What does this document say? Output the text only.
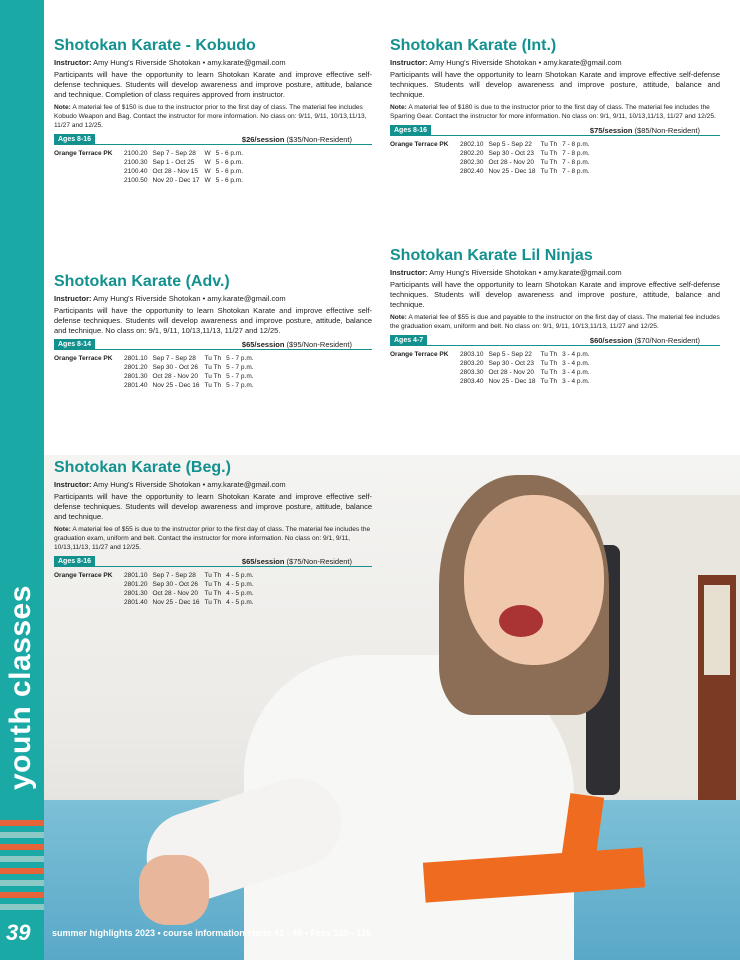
youth classes
39
Shotokan Karate - Kobudo
Instructor: Amy Hung's Riverside Shotokan • amy.karate@gmail.com
Participants will have the opportunity to learn Shotokan Karate and improve effective self-defense techniques. Students will develop awareness and improve posture, attitude, balance and technique. Completion of class requires approved from instructor.
Note: A material fee of $150 is due to the instructor prior to the first day of class. The material fee includes Kobudo Weapon and Bag. Contact the instructor for more information. No class on: 9/11, 9/11, 10/13,11/13, 11/27 and 12/25.
Ages 8-16	$26/session ($35/Non-Resident)
Orange Terrace PK	2100.20	Sep 7 - Sep 28	W	5 - 6 p.m.
	2100.30	Sep 1 - Oct 25	W	5 - 6 p.m.
	2100.40	Oct 28 - Nov 15	W	5 - 6 p.m.
	2100.50	Nov 20 - Dec 17	W	5 - 6 p.m.
Shotokan Karate (Adv.)
Instructor: Amy Hung's Riverside Shotokan • amy.karate@gmail.com
Participants will have the opportunity to learn Shotokan Karate and improve effective self-defense techniques. Students will develop awareness and improve posture, attitude, balance and technique. No class on: 9/1, 9/11, 10/13,11/13, 11/27 and 12/25.
Ages 8-14	$65/session ($95/Non-Resident)
Orange Terrace PK	2801.10	Sep 7 - Sep 28	Tu Th	5 - 7 p.m.
	2801.20	Sep 30 - Oct 26	Tu Th	5 - 7 p.m.
	2801.30	Oct 28 - Nov 20	Tu Th	5 - 7 p.m.
	2801.40	Nov 25 - Dec 16	Tu Th	5 - 7 p.m.
Shotokan Karate (Beg.)
Instructor: Amy Hung's Riverside Shotokan • amy.karate@gmail.com
Participants will have the opportunity to learn Shotokan Karate and improve effective self-defense techniques. Students will develop awareness and improve posture, attitude, balance and technique.
Note: A material fee of $55 is due to the instructor prior to the first day of class. The material fee includes the graduation exam, uniform and belt. Contact the instructor for more information. No class on: 9/1, 9/11, 10/13,11/13, 11/27 and 12/25.
Ages 8-16	$65/session ($75/Non-Resident)
Orange Terrace PK	2801.10	Sep 7 - Sep 28	Tu Th	4 - 5 p.m.
	2801.20	Sep 30 - Oct 26	Tu Th	4 - 5 p.m.
	2801.30	Oct 28 - Nov 20	Tu Th	4 - 5 p.m.
	2801.40	Nov 25 - Dec 16	Tu Th	4 - 5 p.m.
Shotokan Karate (Int.)
Instructor: Amy Hung's Riverside Shotokan • amy.karate@gmail.com
Participants will have the opportunity to learn Shotokan Karate and improve effective self-defense techniques. Students will develop awareness and improve posture, attitude, balance and technique.
Note: A material fee of $180 is due to the instructor prior to the first day of class. The material fee includes the Sparring Gear. Contact the instructor for more information. No class on: 9/1, 9/11, 10/13,11/13, 11/27 and 12/25.
Ages 8-16	$75/session ($85/Non-Resident)
Orange Terrace PK	2802.10	Sep 5 - Sep 22	Tu Th	7 - 8 p.m.
	2802.20	Sep 30 - Oct 23	Tu Th	7 - 8 p.m.
	2802.30	Oct 28 - Nov 20	Tu Th	7 - 8 p.m.
	2802.40	Nov 25 - Dec 18	Tu Th	7 - 8 p.m.
Shotokan Karate Lil Ninjas
Instructor: Amy Hung's Riverside Shotokan • amy.karate@gmail.com
Participants will have the opportunity to learn Shotokan Karate and improve effective self-defense techniques. Students will develop awareness and improve posture, attitude, balance and technique.
Note: A material fee of $55 is due and payable to the instructor on the first day of class. The material fee includes the graduation exam, uniform and belt. No class on: 9/1, 9/11, 10/13,11/13, 11/27 and 12/25.
Ages 4-7	$60/session ($70/Non-Resident)
Orange Terrace PK	2803.10	Sep 5 - Sep 22	Tu Th	3 - 4 p.m.
	2803.20	Sep 30 - Oct 23	Tu Th	3 - 4 p.m.
	2803.30	Oct 28 - Nov 20	Tu Th	3 - 4 p.m.
	2803.40	Nov 25 - Dec 18	Tu Th	3 - 4 p.m.
summer highlights 2023 • course information starts 41 - 45 • Fees 120 - 125
